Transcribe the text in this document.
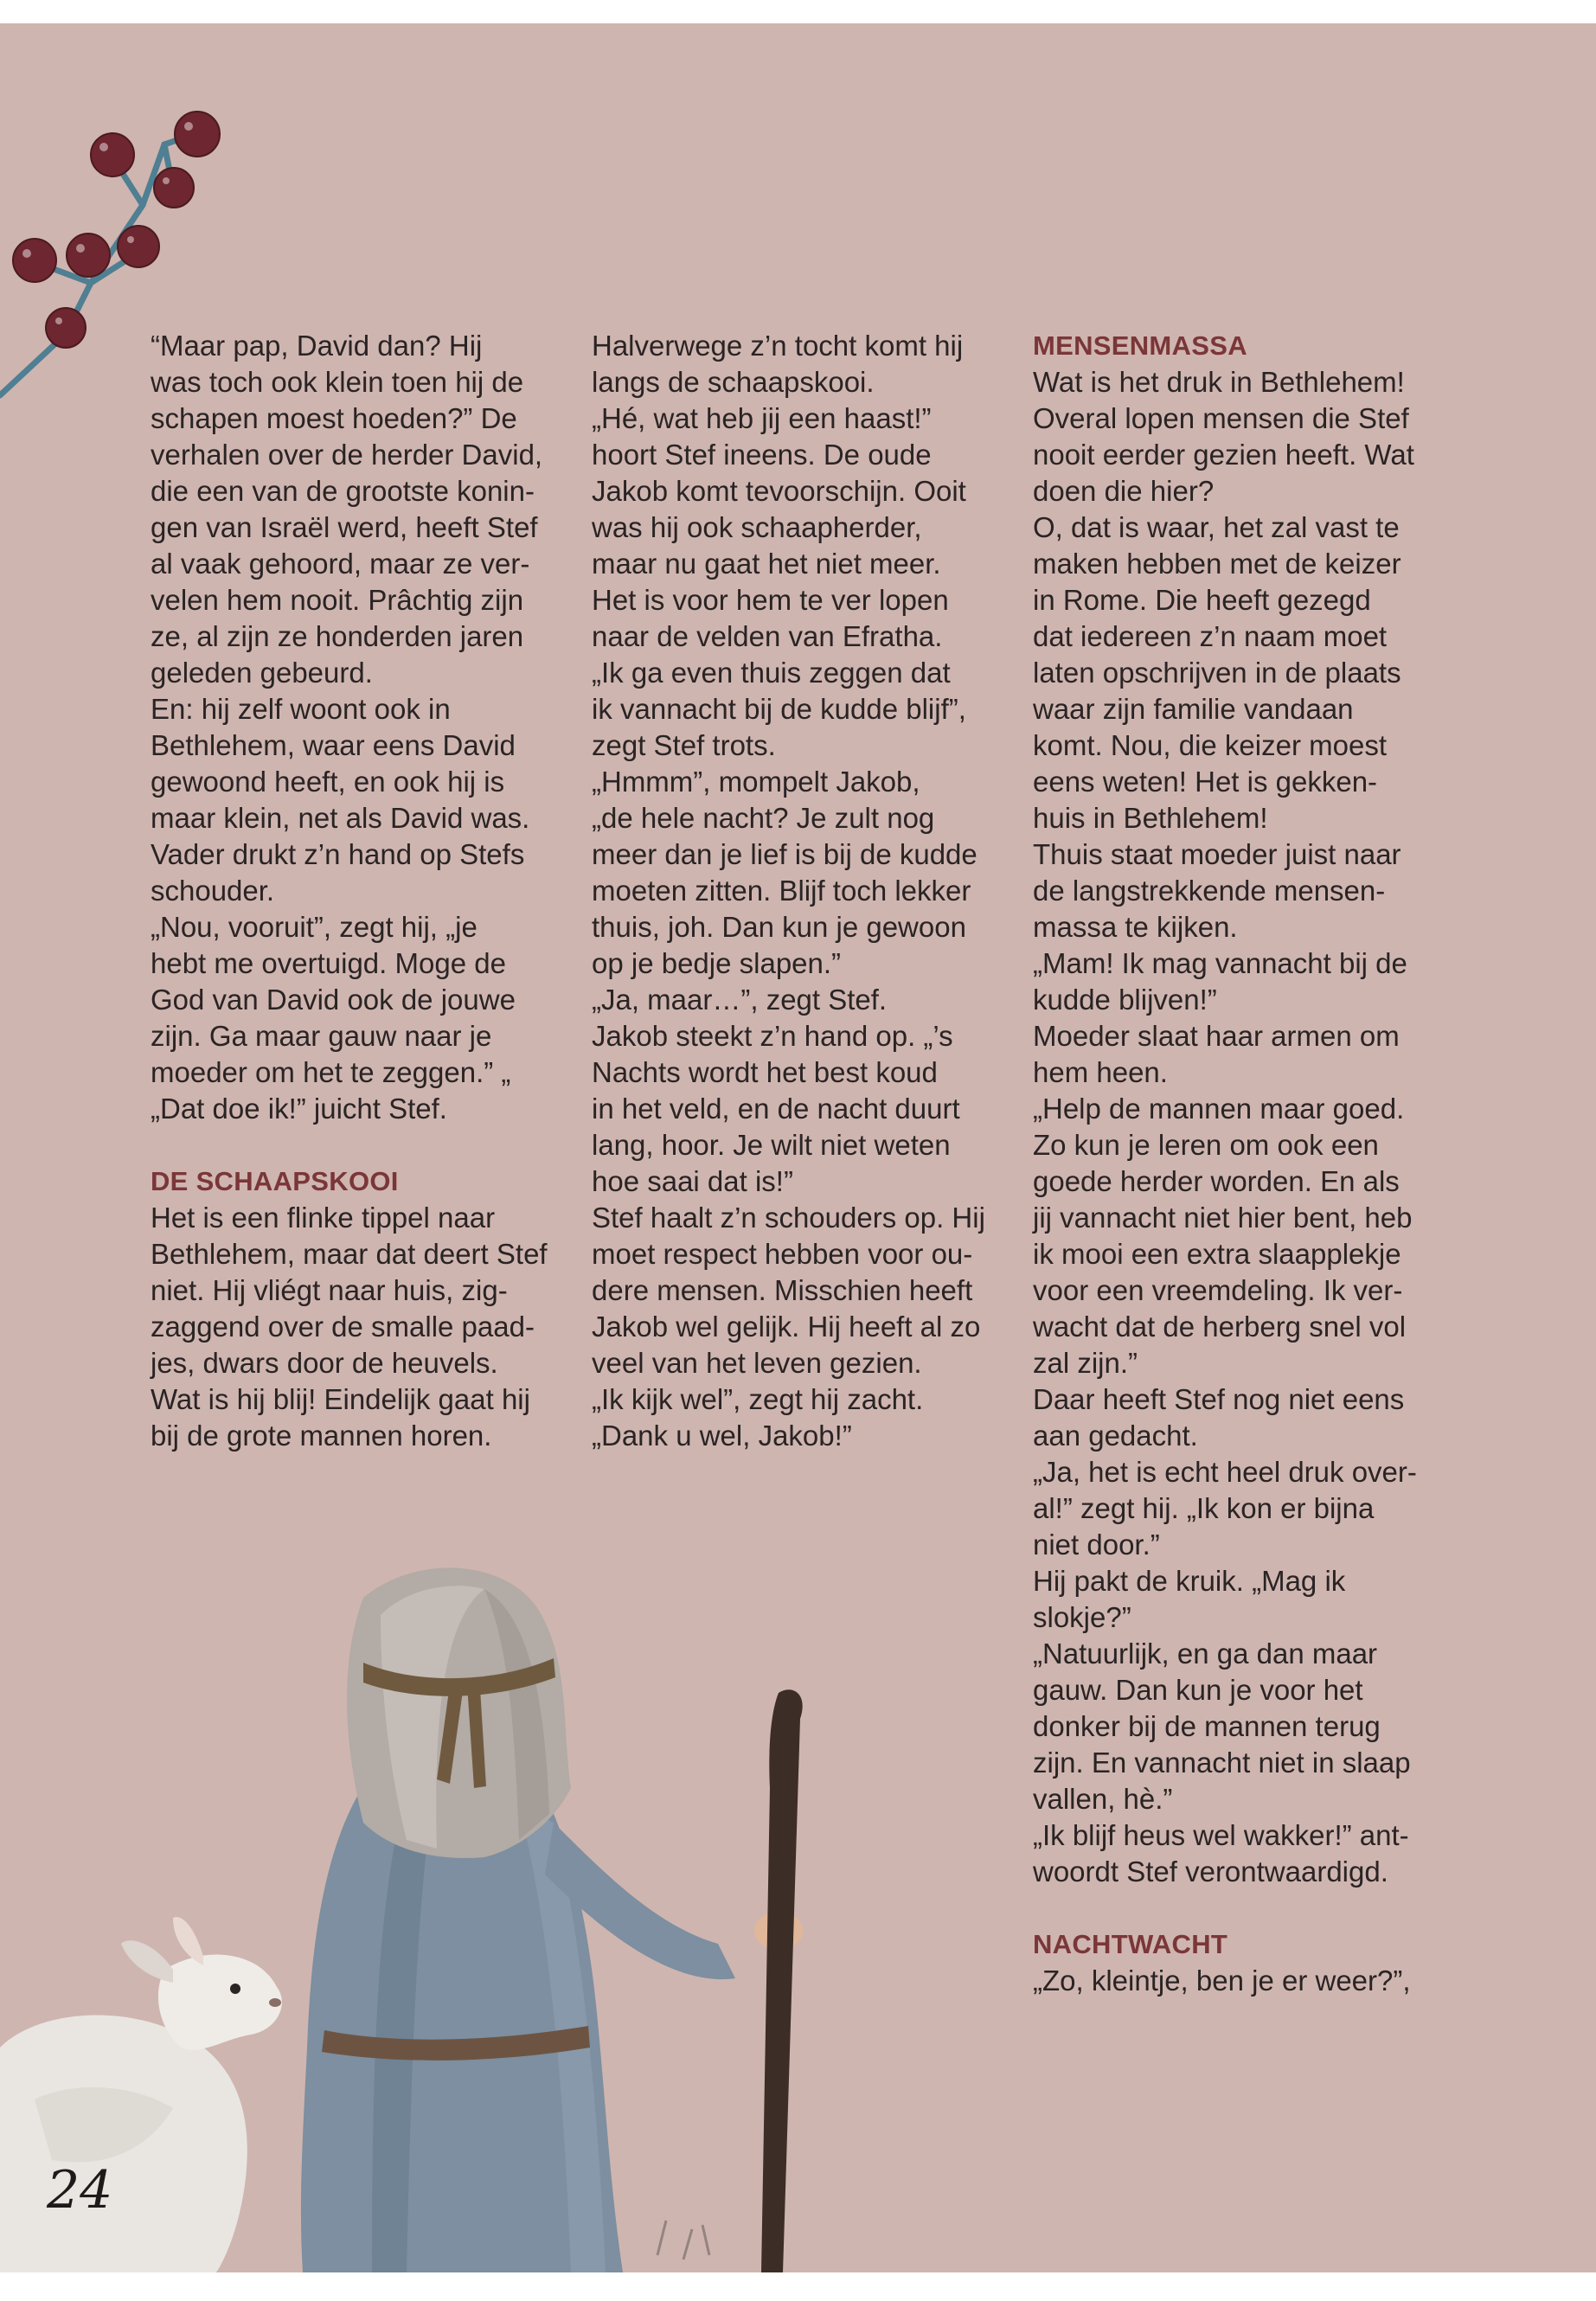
“Maar pap, David dan? Hij
was toch ook klein toen hij de
schapen moest hoeden?” De
verhalen over de herder David,
die een van de grootste konin-
gen van Israël werd, heeft Stef
al vaak gehoord, maar ze ver-
velen hem nooit. Prâchtig zijn
ze, al zijn ze honderden jaren
geleden gebeurd.
En: hij zelf woont ook in
Bethlehem, waar eens David
gewoond heeft, en ook hij is
maar klein, net als David was.
Vader drukt z’n hand op Stefs
schouder.
„Nou, vooruit”, zegt hij, „je
hebt me overtuigd. Moge de
God van David ook de jouwe
zijn. Ga maar gauw naar je
moeder om het te zeggen.” „
„Dat doe ik!” juicht Stef.

DE SCHAAPSKOOI

Het is een flinke tippel naar
Bethlehem, maar dat deert Stef
niet. Hij vliégt naar huis, zig-
zaggend over de smalle paad-
jes, dwars door de heuvels.
Wat is hij blij! Eindelijk gaat hij
bij de grote mannen horen.

Halverwege z’n tocht komt hij
langs de schaapskooi.
„Hé, wat heb jij een haast!”
hoort Stef ineens. De oude
Jakob komt tevoorschijn. Ooit
was hij ook schaapherder,
maar nu gaat het niet meer.
Het is voor hem te ver lopen
naar de velden van Efratha.
„Ik ga even thuis zeggen dat
ik vannacht bij de kudde blijf”,
zegt Stef trots.
„Hmmm”, mompelt Jakob,
„de hele nacht? Je zult nog
meer dan je lief is bij de kudde
moeten zitten. Blijf toch lekker
thuis, joh. Dan kun je gewoon
op je bedje slapen.”
„Ja, maar…”, zegt Stef.
Jakob steekt z’n hand op. „’s
Nachts wordt het best koud
in het veld, en de nacht duurt
lang, hoor. Je wilt niet weten
hoe saai dat is!”
Stef haalt z’n schouders op. Hij
moet respect hebben voor ou-
dere mensen. Misschien heeft
Jakob wel gelijk. Hij heeft al zo
veel van het leven gezien.
„Ik kijk wel”, zegt hij zacht.
„Dank u wel, Jakob!”

MENSENMASSA

Wat is het druk in Bethlehem!
Overal lopen mensen die Stef
nooit eerder gezien heeft. Wat
doen die hier?
O, dat is waar, het zal vast te
maken hebben met de keizer
in Rome. Die heeft gezegd
dat iedereen z’n naam moet
laten opschrijven in de plaats
waar zijn familie vandaan
komt. Nou, die keizer moest
eens weten! Het is gekken-
huis in Bethlehem!
Thuis staat moeder juist naar
de langstrekkende mensen-
massa te kijken.
„Mam! Ik mag vannacht bij de
kudde blijven!”
Moeder slaat haar armen om
hem heen.
„Help de mannen maar goed.
Zo kun je leren om ook een
goede herder worden. En als
jij vannacht niet hier bent, heb
ik mooi een extra slaapplekje
voor een vreemdeling. Ik ver-
wacht dat de herberg snel vol
zal zijn.”
Daar heeft Stef nog niet eens
aan gedacht.
„Ja, het is echt heel druk over-
al!” zegt hij. „Ik kon er bijna
niet door.”
Hij pakt de kruik. „Mag ik
slokje?”
„Natuurlijk, en ga dan maar
gauw. Dan kun je voor het
donker bij de mannen terug
zijn. En vannacht niet in slaap
vallen, hè.”
„Ik blijf heus wel wakker!” ant-
woordt Stef verontwaardigd.

NACHTWACHT

„Zo, kleintje, ben je er weer?”,

24
